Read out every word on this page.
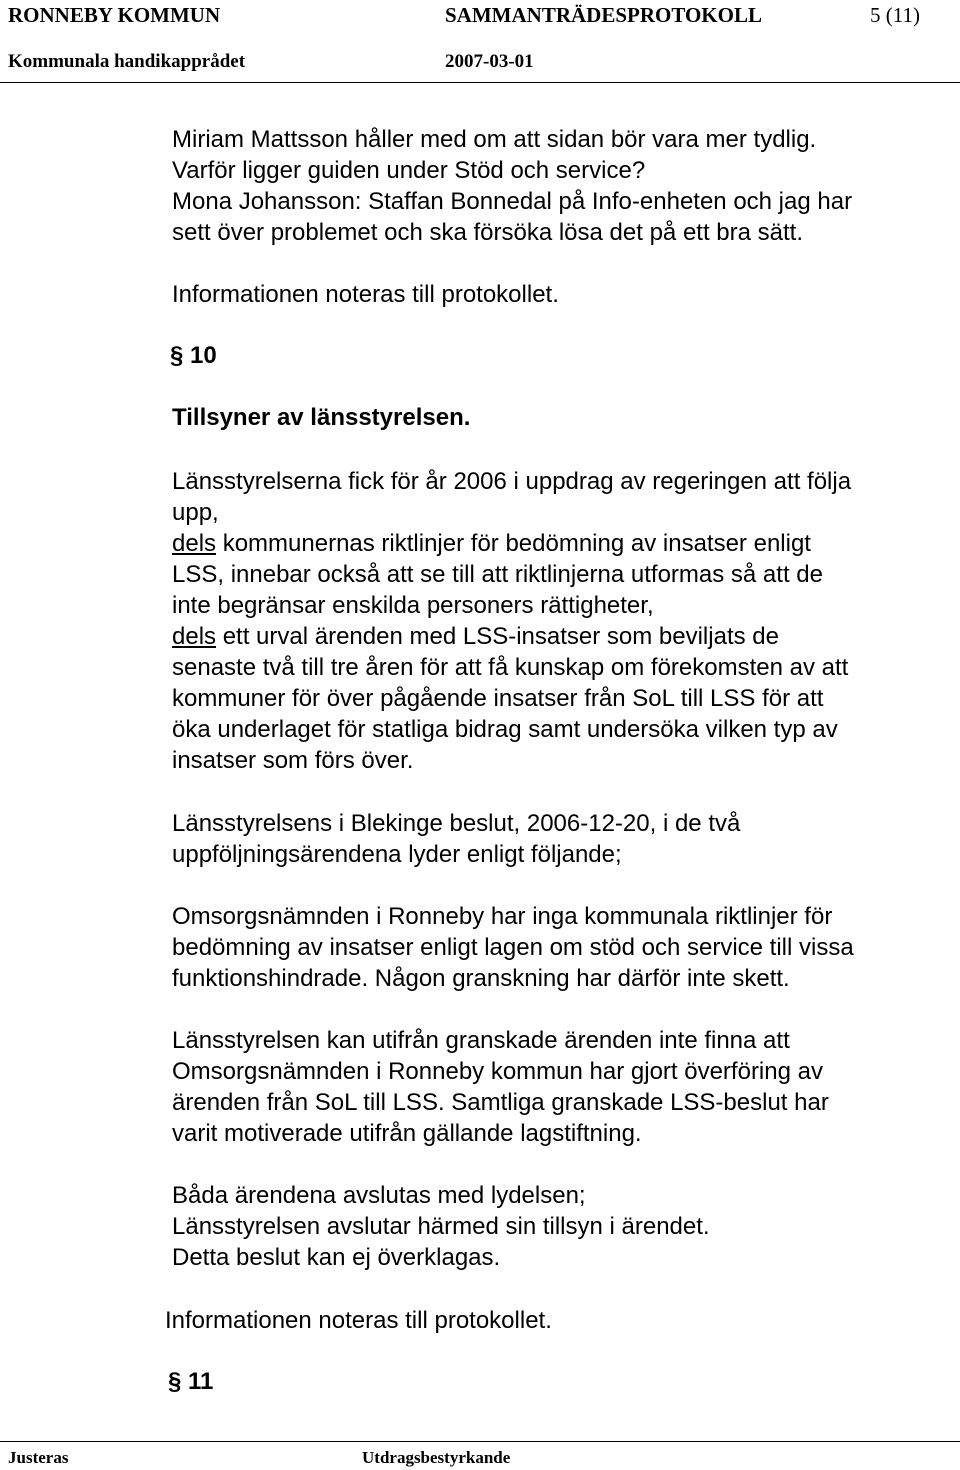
RONNEBY KOMMUN	SAMMANTRÄDESPROTOKOLL	5 (11)
Kommunala handikapprådet	2007-03-01
Miriam Mattsson håller med om att sidan bör vara mer tydlig.
Varför ligger guiden under Stöd och service?
Mona Johansson: Staffan Bonnedal på Info-enheten och jag har
sett över problemet och ska försöka lösa det på ett bra sätt.
Informationen noteras till protokollet.
§ 10
Tillsyner av länsstyrelsen.
Länsstyrelserna fick för år 2006 i uppdrag av regeringen att följa
upp,
dels kommunernas riktlinjer för bedömning av insatser enligt
LSS, innebar också att se till att riktlinjerna utformas så att de
inte begränsar enskilda personers rättigheter,
dels ett urval ärenden med LSS-insatser som beviljats de
senaste två till tre åren för att få kunskap om förekomsten av att
kommuner för över pågående insatser från SoL till LSS för att
öka underlaget för statliga bidrag samt undersöka vilken typ av
insatser som förs över.
Länsstyrelsens i Blekinge beslut, 2006-12-20, i de två
uppföljningsärendena lyder enligt följande;
Omsorgsnämnden i Ronneby har inga kommunala riktlinjer för
bedömning av insatser enligt lagen om stöd och service till vissa
funktionshindrade. Någon granskning har därför inte skett.
Länsstyrelsen kan utifrån granskade ärenden inte finna att
Omsorgsnämnden i Ronneby kommun har gjort överföring av
ärenden från SoL till LSS. Samtliga granskade LSS-beslut har
varit motiverade utifrån gällande lagstiftning.
Båda ärendena avslutas med lydelsen;
Länsstyrelsen avslutar härmed sin tillsyn i ärendet.
Detta beslut kan ej överklagas.
Informationen noteras till protokollet.
§ 11
Justeras	Utdragsbestyrkande
